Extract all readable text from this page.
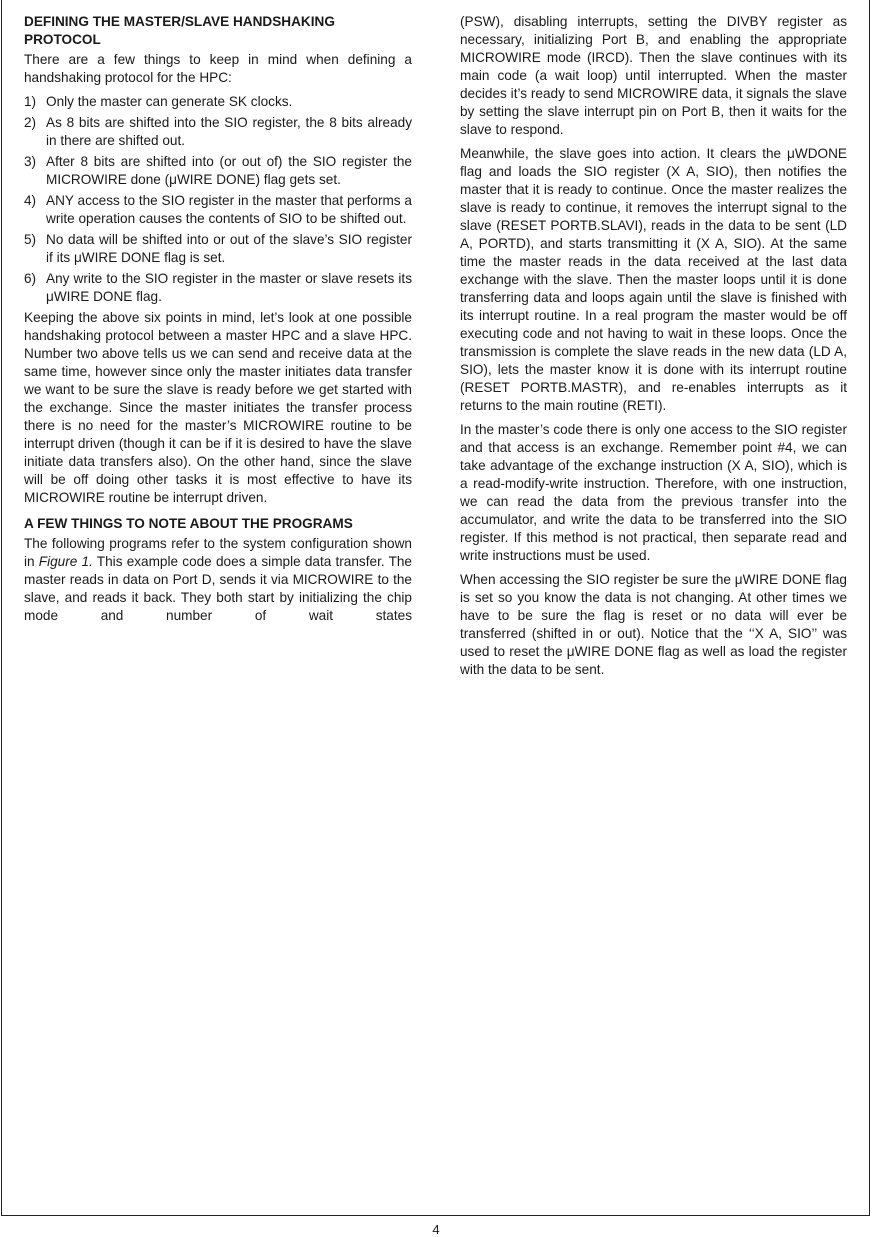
DEFINING THE MASTER/SLAVE HANDSHAKING PROTOCOL

There are a few things to keep in mind when defining a handshaking protocol for the HPC:

1) Only the master can generate SK clocks.
2) As 8 bits are shifted into the SIO register, the 8 bits already in there are shifted out.
3) After 8 bits are shifted into (or out of) the SIO register the MICROWIRE done (μWIRE DONE) flag gets set.
4) ANY access to the SIO register in the master that performs a write operation causes the contents of SIO to be shifted out.
5) No data will be shifted into or out of the slave’s SIO register if its μWIRE DONE flag is set.
6) Any write to the SIO register in the master or slave resets its μWIRE DONE flag.

Keeping the above six points in mind, let’s look at one possible handshaking protocol between a master HPC and a slave HPC. Number two above tells us we can send and receive data at the same time, however since only the master initiates data transfer we want to be sure the slave is ready before we get started with the exchange. Since the master initiates the transfer process there is no need for the master’s MICROWIRE routine to be interrupt driven (though it can be if it is desired to have the slave initiate data transfers also). On the other hand, since the slave will be off doing other tasks it is most effective to have its MICROWIRE routine be interrupt driven.

A FEW THINGS TO NOTE ABOUT THE PROGRAMS

The following programs refer to the system configuration shown in Figure 1. This example code does a simple data transfer. The master reads in data on Port D, sends it via MICROWIRE to the slave, and reads it back. They both start by initializing the chip mode and number of wait states

(PSW), disabling interrupts, setting the DIVBY register as necessary, initializing Port B, and enabling the appropriate MICROWIRE mode (IRCD). Then the slave continues with its main code (a wait loop) until interrupted. When the master decides it’s ready to send MICROWIRE data, it signals the slave by setting the slave interrupt pin on Port B, then it waits for the slave to respond.

Meanwhile, the slave goes into action. It clears the μWDONE flag and loads the SIO register (X A, SIO), then notifies the master that it is ready to continue. Once the master realizes the slave is ready to continue, it removes the interrupt signal to the slave (RESET PORTB.SLAVI), reads in the data to be sent (LD A, PORTD), and starts transmitting it (X A, SIO). At the same time the master reads in the data received at the last data exchange with the slave. Then the master loops until it is done transferring data and loops again until the slave is finished with its interrupt routine. In a real program the master would be off executing code and not having to wait in these loops. Once the transmission is complete the slave reads in the new data (LD A, SIO), lets the master know it is done with its interrupt routine (RESET PORTB.MASTR), and re-enables interrupts as it returns to the main routine (RETI).

In the master’s code there is only one access to the SIO register and that access is an exchange. Remember point #4, we can take advantage of the exchange instruction (X A, SIO), which is a read-modify-write instruction. Therefore, with one instruction, we can read the data from the previous transfer into the accumulator, and write the data to be transferred into the SIO register. If this method is not practical, then separate read and write instructions must be used.

When accessing the SIO register be sure the μWIRE DONE flag is set so you know the data is not changing. At other times we have to be sure the flag is reset or no data will ever be transferred (shifted in or out). Notice that the ‘‘X A, SIO’’ was used to reset the μWIRE DONE flag as well as load the register with the data to be sent.

4
